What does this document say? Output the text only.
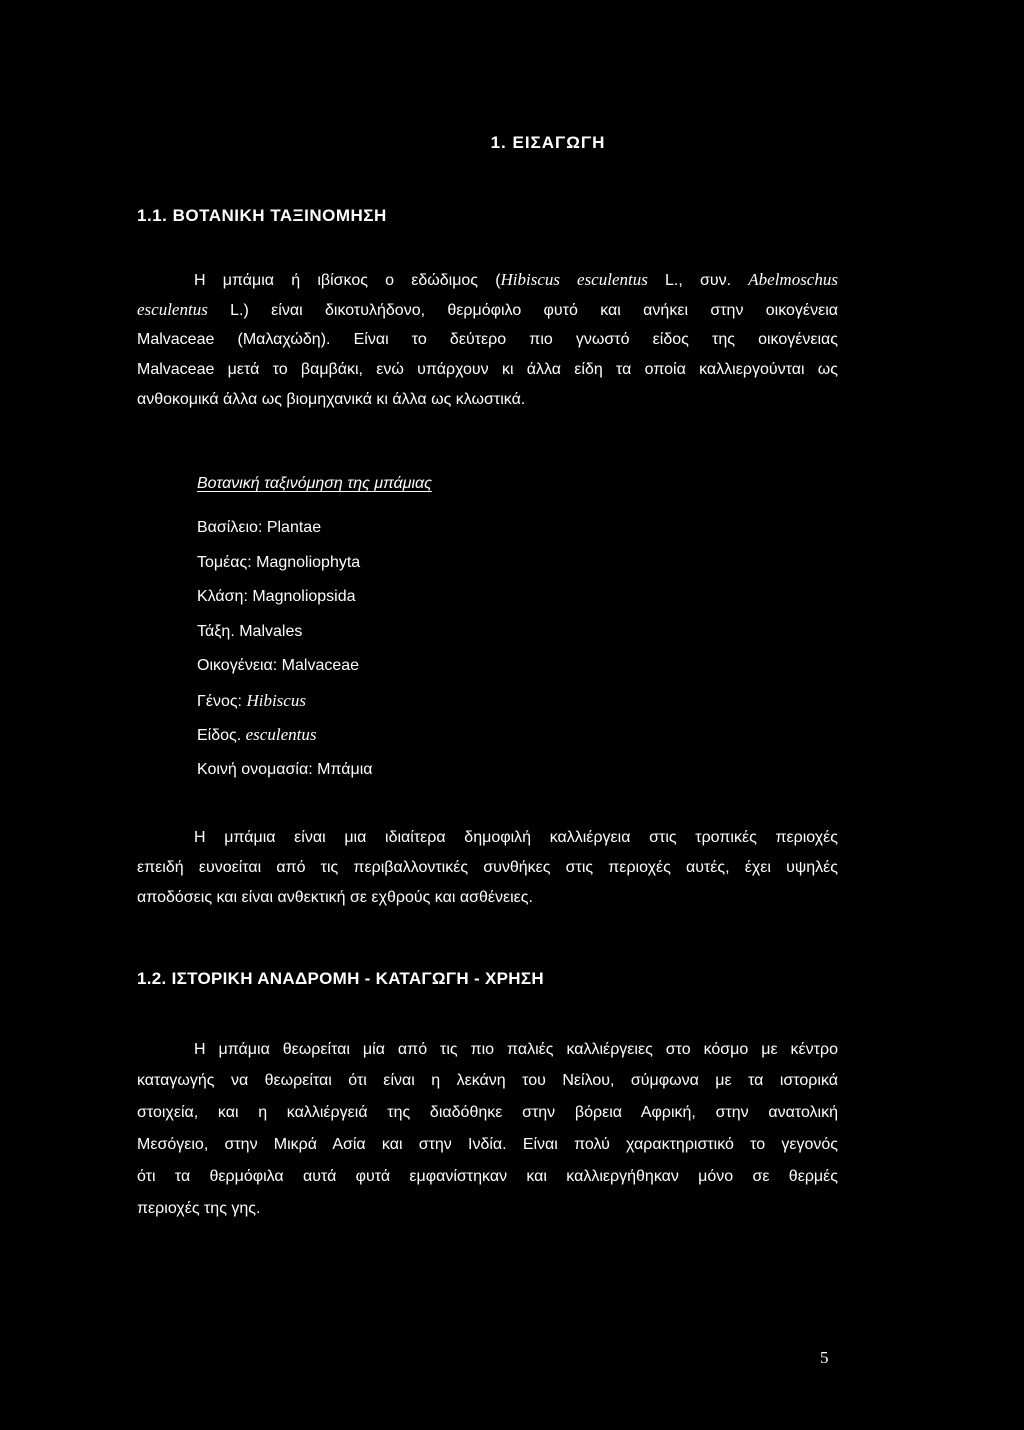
1. ΕΙΣΑΓΩΓΗ
1.1. ΒΟΤΑΝΙΚΗ ΤΑΞΙΝΟΜΗΣΗ
Η μπάμια ή ιβίσκος ο εδώδιμος (Hibiscus esculentus L., συν. Abelmoschus
esculentus L.) είναι δικοτυλήδονο, θερμόφιλο φυτό και ανήκει στην οικογένεια
Malvaceae (Μαλαχώδη). Είναι το δεύτερο πιο γνωστό είδος της οικογένειας
Malvaceae μετά το βαμβάκι, ενώ υπάρχουν κι άλλα είδη τα οποία καλλιεργούνται ως
ανθοκομικά άλλα ως βιομηχανικά κι άλλα ως κλωστικά.
Βοτανική ταξινόμηση της μπάμιας
Βασίλειο: Plantae
Τομέας: Magnoliophyta
Κλάση: Magnoliopsida
Τάξη. Malvales
Οικογένεια: Malvaceae
Γένος: Hibiscus
Είδος. esculentus
Κοινή ονομασία: Μπάμια
Η μπάμια είναι μια ιδιαίτερα δημοφιλή καλλιέργεια στις τροπικές περιοχές
επειδή ευνοείται από τις περιβαλλοντικές συνθήκες στις περιοχές αυτές, έχει υψηλές
αποδόσεις και είναι ανθεκτική σε εχθρούς και ασθένειες.
1.2. ΙΣΤΟΡΙΚΗ ΑΝΑΔΡΟΜΗ - ΚΑΤΑΓΩΓΗ - ΧΡΗΣΗ
Η μπάμια θεωρείται μία από τις πιο παλιές καλλιέργειες στο κόσμο με κέντρο
καταγωγής να θεωρείται ότι είναι η λεκάνη του Νείλου, σύμφωνα με τα ιστορικά
στοιχεία, και η καλλιέργειά της διαδόθηκε στην βόρεια Αφρική, στην ανατολική
Μεσόγειο, στην Μικρά Ασία και στην Ινδία. Είναι πολύ χαρακτηριστικό το γεγονός
ότι τα θερμόφιλα αυτά φυτά εμφανίστηκαν και καλλιεργήθηκαν μόνο σε θερμές
περιοχές της γης.
5
